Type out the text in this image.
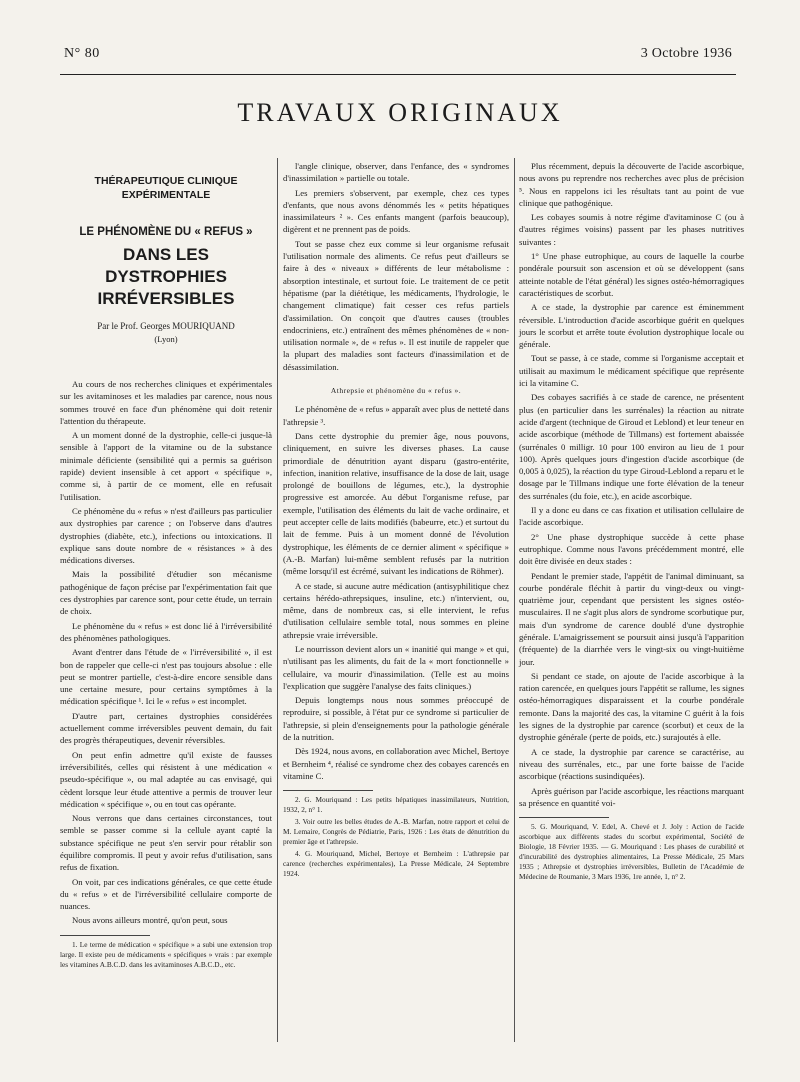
N° 80	3 Octobre 1936
TRAVAUX ORIGINAUX
THÉRAPEUTIQUE CLINIQUE EXPÉRIMENTALE
LE PHÉNOMÈNE DU « REFUS »
DANS LES DYSTROPHIES IRRÉVERSIBLES
Par le Prof. Georges MOURIQUAND
(Lyon)

Au cours de nos recherches cliniques et expérimentales sur les avitaminoses et les maladies par carence, nous nous sommes trouvé en face d'un phénomène qui doit retenir l'attention du thérapeute.

A un moment donné de la dystrophie, celle-ci jusque-là sensible à l'apport de la vitamine ou de la substance minimale déficiente (sensibilité qui a permis sa guérison rapide) devient insensible à cet apport « spécifique », comme si, à partir de ce moment, elle en refusait l'utilisation.

Ce phénomène du « refus » n'est d'ailleurs pas particulier aux dystrophies par carence ; on l'observe dans d'autres dystrophies (diabète, etc.), infections ou intoxications. Il explique sans doute nombre de « résistances » à des médications diverses.

Mais la possibilité d'étudier son mécanisme pathogénique de façon précise par l'expérimentation fait que ces dystrophies par carence sont, pour cette étude, un terrain de choix.

Le phénomène du « refus » est donc lié à l'irréversibilité des phénomènes pathologiques.

Avant d'entrer dans l'étude de « l'irréversibilité », il est bon de rappeler que celle-ci n'est pas toujours absolue : elle peut se montrer partielle, c'est-à-dire encore sensible dans une certaine mesure, pour certains symptômes à la médication spécifique ¹. Ici le « refus » est incomplet.

D'autre part, certaines dystrophies considérées actuellement comme irréversibles peuvent demain, du fait des progrès thérapeutiques, devenir réversibles.

On peut enfin admettre qu'il existe de fausses irréversibilités, celles qui résistent à une médication « pseudo-spécifique », ou mal adaptée au cas envisagé, qui cèdent lorsque leur étude attentive a permis de trouver leur médication « spécifique », ou en tout cas opérante.

Nous verrons que dans certaines circonstances, tout semble se passer comme si la cellule ayant capté la substance spécifique ne peut s'en servir pour rétablir son équilibre compromis. Il peut y avoir refus d'utilisation, sans refus de fixation.

On voit, par ces indications générales, ce que cette étude du « refus » et de l'irréversibilité cellulaire comporte de nuances.

Nous avons ailleurs montré, qu'on peut, sous

1. Le terme de médication « spécifique » a subi une extension trop large. Il existe peu de médicaments « spécifiques » vrais : par exemple les vitamines A.B.C.D. dans les avitaminoses A.B.C.D., etc.

l'angle clinique, observer, dans l'enfance, des « syndromes d'inassimilation » partielle ou totale.

Les premiers s'observent, par exemple, chez ces types d'enfants, que nous avons dénommés les « petits hépatiques inassimilateurs ² ». Ces enfants mangent (parfois beaucoup), digèrent et ne prennent pas de poids.

Tout se passe chez eux comme si leur organisme refusait l'utilisation normale des aliments. Ce refus peut d'ailleurs se faire à des « niveaux » différents de leur métabolisme : absorption intestinale, et surtout foie. Le traitement de ce petit hépatisme (par la diététique, les médicaments, l'hydrologie, le changement climatique) fait cesser ces refus partiels d'assimilation. On conçoit que d'autres causes (troubles endocriniens, etc.) entraînent des mêmes phénomènes de « non-utilisation normale », de « refus ». Il est inutile de rappeler que la plupart des maladies sont facteurs d'inassimilation et de désassimilation.

Athrepsie et phénomène du « refus ».

Le phénomène de « refus » apparaît avec plus de netteté dans l'athrepsie ³.

Dans cette dystrophie du premier âge, nous pouvons, cliniquement, en suivre les diverses phases. La cause primordiale de dénutrition ayant disparu (gastro-entérite, infection, inanition relative, insuffisance de la dose de lait, usage prolongé de bouillons de légumes, etc.), la dystrophie progressive est amorcée. Au début l'organisme refuse, par exemple, l'utilisation des éléments du lait de vache ordinaire, et peut accepter celle de laits modifiés (babeurre, etc.) et surtout du lait de femme. Puis à un moment donné de l'évolution dystrophique, les éléments de ce dernier aliment « spécifique » (A.-B. Marfan) lui-même semblent refusés par la nutrition (même lorsqu'il est écrémé, suivant les indications de Röhmer).

A ce stade, si aucune autre médication (antisyphilitique chez certains hérédo-athrepsiques, insuline, etc.) n'intervient, ou, même, dans de nombreux cas, si elle intervient, le refus d'utilisation cellulaire semble total, nous sommes en pleine athrepsie vraie irréversible.

Le nourrisson devient alors un « inanitié qui mange » et qui, n'utilisant pas les aliments, du fait de la « mort fonctionnelle » cellulaire, va mourir d'inassimilation. (Telle est au moins l'explication que suggère l'analyse des faits cliniques.)

Depuis longtemps nous nous sommes préoccupé de reproduire, si possible, à l'état pur ce syndrome si particulier de l'athrepsie, si plein d'enseignements pour la pathologie générale de la nutrition.

Dès 1924, nous avons, en collaboration avec Michel, Bertoye et Bernheim ⁴, réalisé ce syndrome chez des cobayes carencés en vitamine C.

2. G. Mouriquand : Les petits hépatiques inassimilateurs, Nutrition, 1932, 2, n° 1.

3. Voir outre les belles études de A.-B. Marfan, notre rapport et celui de M. Lemaire, Congrès de Pédiatrie, Paris, 1926 : Les états de dénutrition du premier âge et l'athrepsie.

4. G. Mouriquand, Michel, Bertoye et Bernheim : L'athrepsie par carence (recherches expérimentales), La Presse Médicale, 24 Septembre 1924.

Plus récemment, depuis la découverte de l'acide ascorbique, nous avons pu reprendre nos recherches avec plus de précision ⁵. Nous en rappelons ici les résultats tant au point de vue clinique que pathogénique.

Les cobayes soumis à notre régime d'avitaminose C (ou à d'autres régimes voisins) passent par les phases nutritives suivantes :

1° Une phase eutrophique, au cours de laquelle la courbe pondérale poursuit son ascension et où se développent (sans atteinte notable de l'état général) les signes ostéo-hémorragiques caractéristiques de scorbut.

A ce stade, la dystrophie par carence est éminemment réversible. L'introduction d'acide ascorbique guérit en quelques jours le scorbut et arrête toute évolution dystrophique locale ou générale.

Tout se passe, à ce stade, comme si l'organisme acceptait et utilisait au maximum le médicament spécifique que représente ici la vitamine C.

Des cobayes sacrifiés à ce stade de carence, ne présentent plus (en particulier dans les surrénales) la réaction au nitrate acide d'argent (technique de Giroud et Leblond) et leur teneur en acide ascorbique (méthode de Tillmans) est fortement abaissée (surrénales 0 milligr. 10 pour 100 environ au lieu de 1 pour 100). Après quelques jours d'ingestion d'acide ascorbique (de 0,005 à 0,025), la réaction du type Giroud-Leblond a reparu et le dosage par le Tillmans indique une forte élévation de la teneur des surrénales (du foie, etc.), en acide ascorbique.

Il y a donc eu dans ce cas fixation et utilisation cellulaire de l'acide ascorbique.

2° Une phase dystrophique succède à cette phase eutrophique. Comme nous l'avons précédemment montré, elle doit être divisée en deux stades :

Pendant le premier stade, l'appétit de l'animal diminuant, sa courbe pondérale fléchit à partir du vingt-deux ou vingt-quatrième jour, cependant que persistent les signes ostéo-musculaires. Il ne s'agit plus alors de syndrome scorbutique pur, mais d'un syndrome de carence doublé d'une dystrophie générale. L'amaigrissement se poursuit ainsi jusqu'à l'apparition (fréquente) de la diarrhée vers le vingt-six ou vingt-huitième jour.

Si pendant ce stade, on ajoute de l'acide ascorbique à la ration carencée, en quelques jours l'appétit se rallume, les signes ostéo-hémorragiques disparaissent et la courbe pondérale remonte. Dans la majorité des cas, la vitamine C guérit à la fois les signes de la dystrophie par carence (scorbut) et ceux de la dystrophie générale (perte de poids, etc.) surajoutés à elle.

A ce stade, la dystrophie par carence se caractérise, au niveau des surrénales, etc., par une forte baisse de l'acide ascorbique (réactions susindiquées).

Après guérison par l'acide ascorbique, les réactions marquant sa présence en quantité voi-

5. G. Mouriquand, V. Edel, A. Chevé et J. Joly : Action de l'acide ascorbique aux différents stades du scorbut expérimental, Société de Biologie, 18 Février 1935. — G. Mouriquand : Les phases de curabilité et d'incurabilité des dystrophies alimentaires, La Presse Médicale, 25 Mars 1935 ; Athrepsie et dystrophies irréversibles, Bulletin de l'Académie de Médecine de Roumanie, 3 Mars 1936, 1re année, 1, n° 2.
